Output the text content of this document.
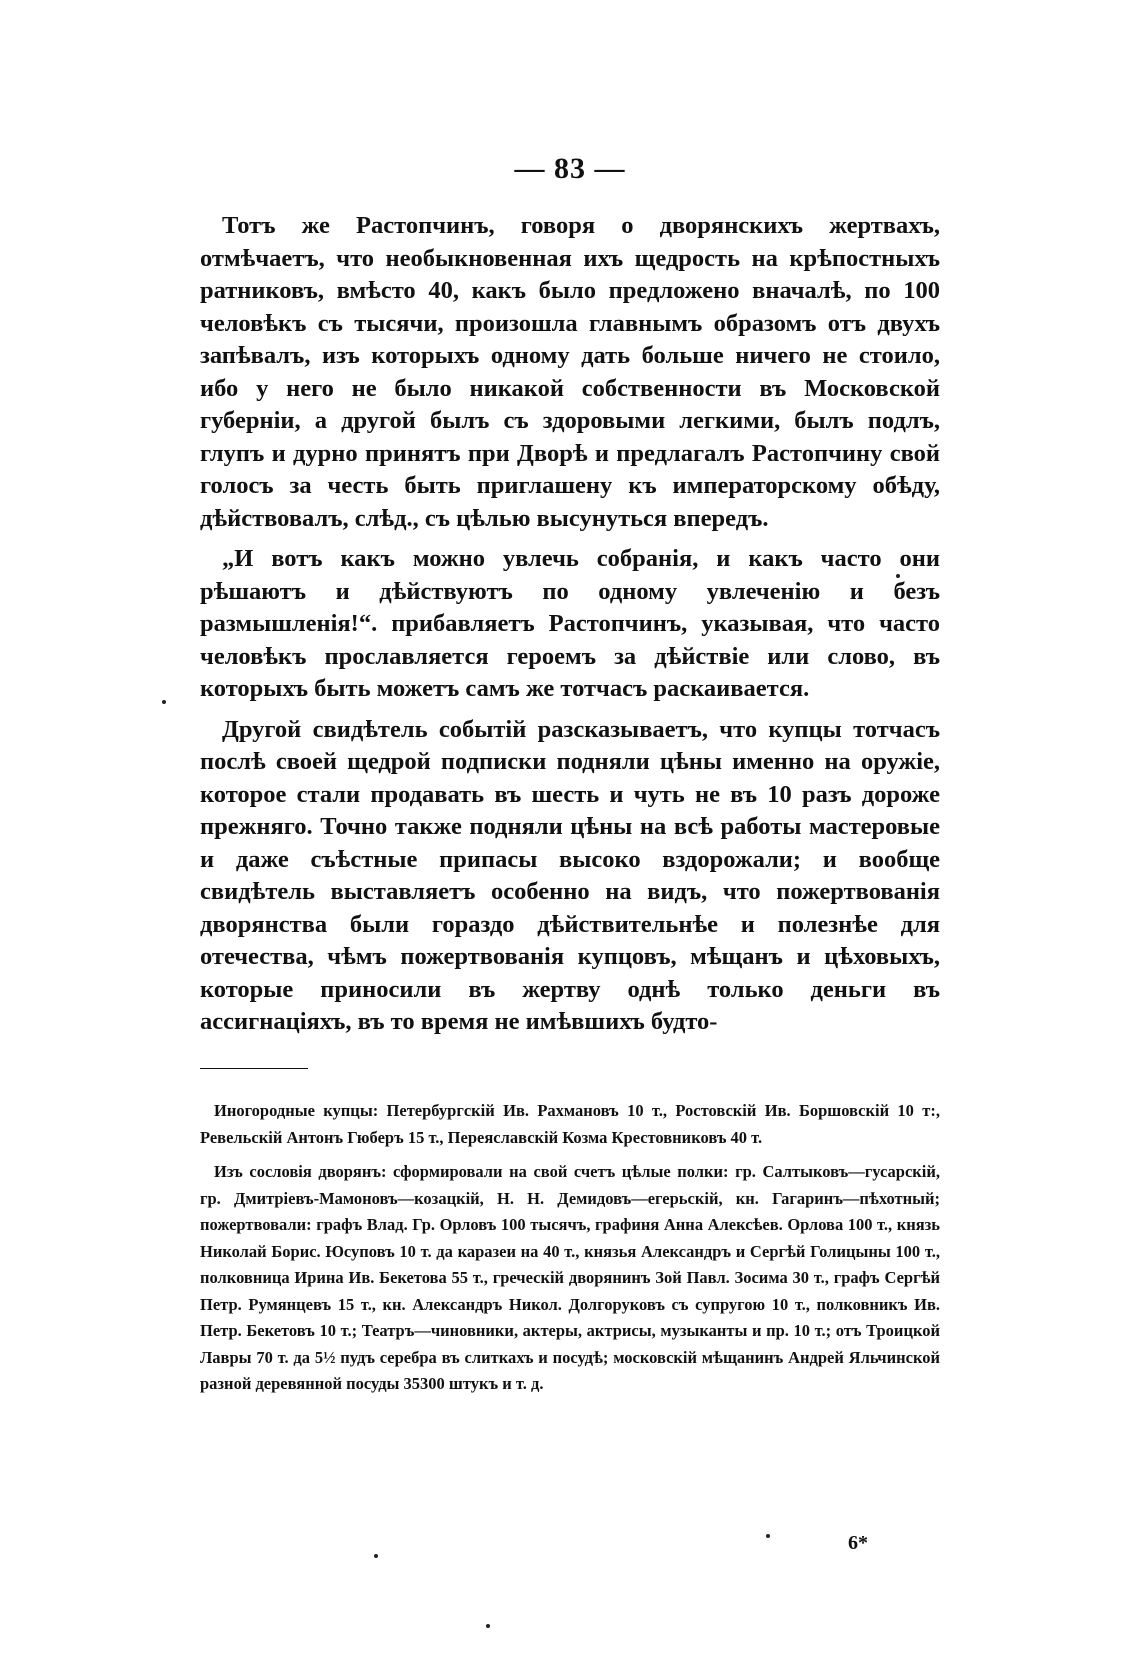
— 83 —

Тотъ же Растопчинъ, говоря о дворянскихъ жертвахъ, отмѣчаетъ, что необыкновенная ихъ щедрость на крѣпостныхъ ратниковъ, вмѣсто 40, какъ было предложено вначалѣ, по 100 человѣкъ съ тысячи, произошла главнымъ образомъ отъ двухъ запѣвалъ, изъ которыхъ одному дать больше ничего не стоило, ибо у него не было никакой собственности въ Московской губерніи, а другой былъ съ здоровыми легкими, былъ подлъ, глупъ и дурно принятъ при Дворѣ и предлагалъ Растопчину свой голосъ за честь быть приглашену къ императорскому обѣду, дѣйствовалъ, слѣд., съ цѣлью высунуться впередъ.

„И вотъ какъ можно увлечь собранія, и какъ часто они рѣшаютъ и дѣйствуютъ по одному увлеченію и безъ размышленія!“. прибавляетъ Растопчинъ, указывая, что часто человѣкъ прославляется героемъ за дѣйствіе или слово, въ которыхъ быть можетъ самъ же тотчасъ раскаивается.

Другой свидѣтель событій разсказываетъ, что купцы тотчасъ послѣ своей щедрой подписки подняли цѣны именно на оружіе, которое стали продавать въ шесть и чуть не въ 10 разъ дороже прежняго. Точно также подняли цѣны на всѣ работы мастеровые и даже съѣстные припасы высоко вздорожали; и вообще свидѣтель выставляетъ особенно на видъ, что пожертвованія дворянства были гораздо дѣйствительнѣе и полезнѣе для отечества, чѣмъ пожертвованія купцовъ, мѣщанъ и цѣховыхъ, которые приносили въ жертву однѣ только деньги въ ассигнаціяхъ, въ то время не имѣвшихъ будто-

Иногородные купцы: Петербургскій Ив. Рахмановъ 10 т., Ростовскій Ив. Боршовскій 10 т:, Ревельскій Антонъ Гюберъ 15 т., Переяславскій Козма Крестовниковъ 40 т.

Изъ сословія дворянъ: сформировали на свой счетъ цѣлые полки: гр. Салтыковъ—гусарскій, гр. Дмитріевъ-Мамоновъ—козацкій, Н. Н. Демидовъ—егерьскій, кн. Гагаринъ—пѣхотный; пожертвовали: графъ Влад. Гр. Орловъ 100 тысячъ, графиня Анна Алексѣев. Орлова 100 т., князь Николай Борис. Юсуповъ 10 т. да каразеи на 40 т., князья Александръ и Сергѣй Голицыны 100 т., полковница Ирина Ив. Бекетова 55 т., греческій дворянинъ Зой Павл. Зосима 30 т., графъ Сергѣй Петр. Румянцевъ 15 т., кн. Александръ Никол. Долгоруковъ съ супругою 10 т., полковникъ Ив. Петр. Бекетовъ 10 т.; Театръ—чиновники, актеры, актрисы, музыканты и пр. 10 т.; отъ Троицкой Лавры 70 т. да 5½ пудъ серебра въ слиткахъ и посудѣ; московскій мѣщанинъ Андрей Яльчинской разной деревянной посуды 35300 штукъ и т. д.

6*
